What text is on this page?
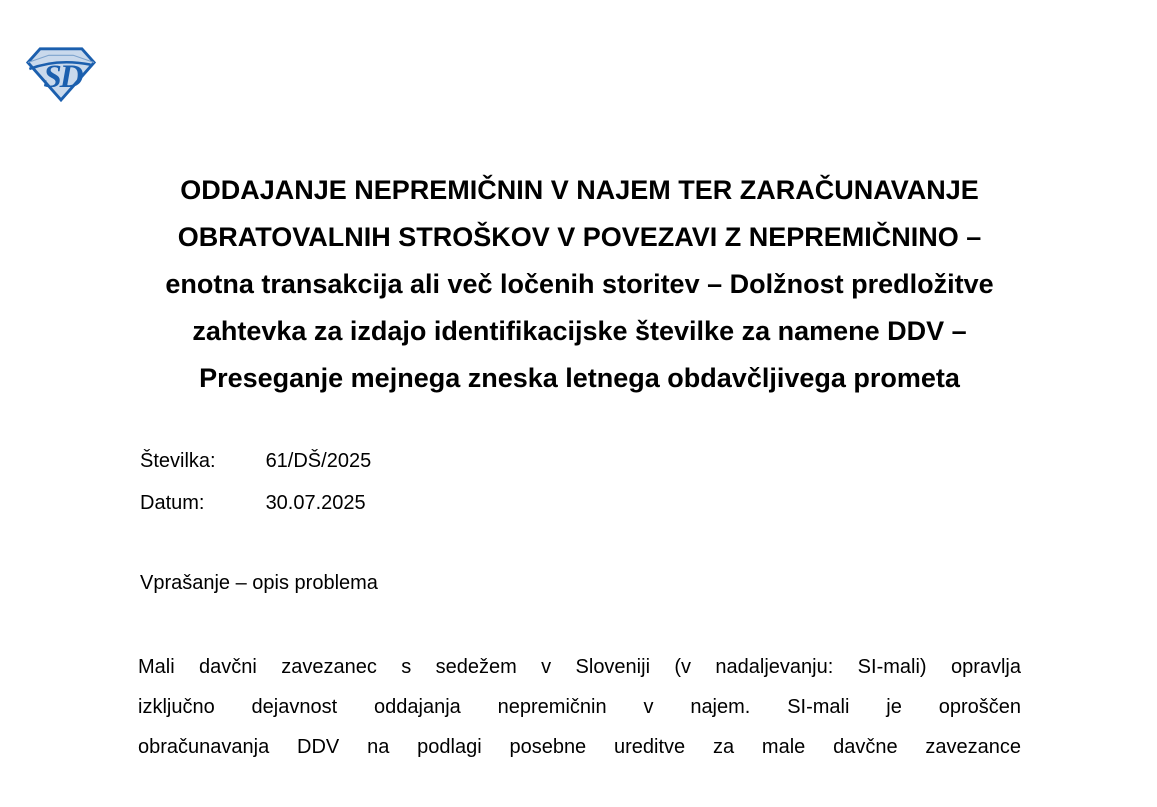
SD
ODDAJANJE NEPREMIČNIN V NAJEM TER ZARAČUNAVANJE
OBRATOVALNIH STROŠKOV V POVEZAVI Z NEPREMIČNINO –
enotna transakcija ali več ločenih storitev – Dolžnost predložitve
zahtevka za izdajo identifikacijske številke za namene DDV –
Preseganje mejnega zneska letnega obdavčljivega prometa
Številka: 61/DŠ/2025
Datum:	30.07.2025
Vprašanje – opis problema
Mali davčni zavezanec s sedežem v Sloveniji (v nadaljevanju: SI-mali) opravlja
izključno dejavnost oddajanja nepremičnin v najem. SI-mali je oproščen
obračunavanja DDV na podlagi posebne ureditve za male davčne zavezance
